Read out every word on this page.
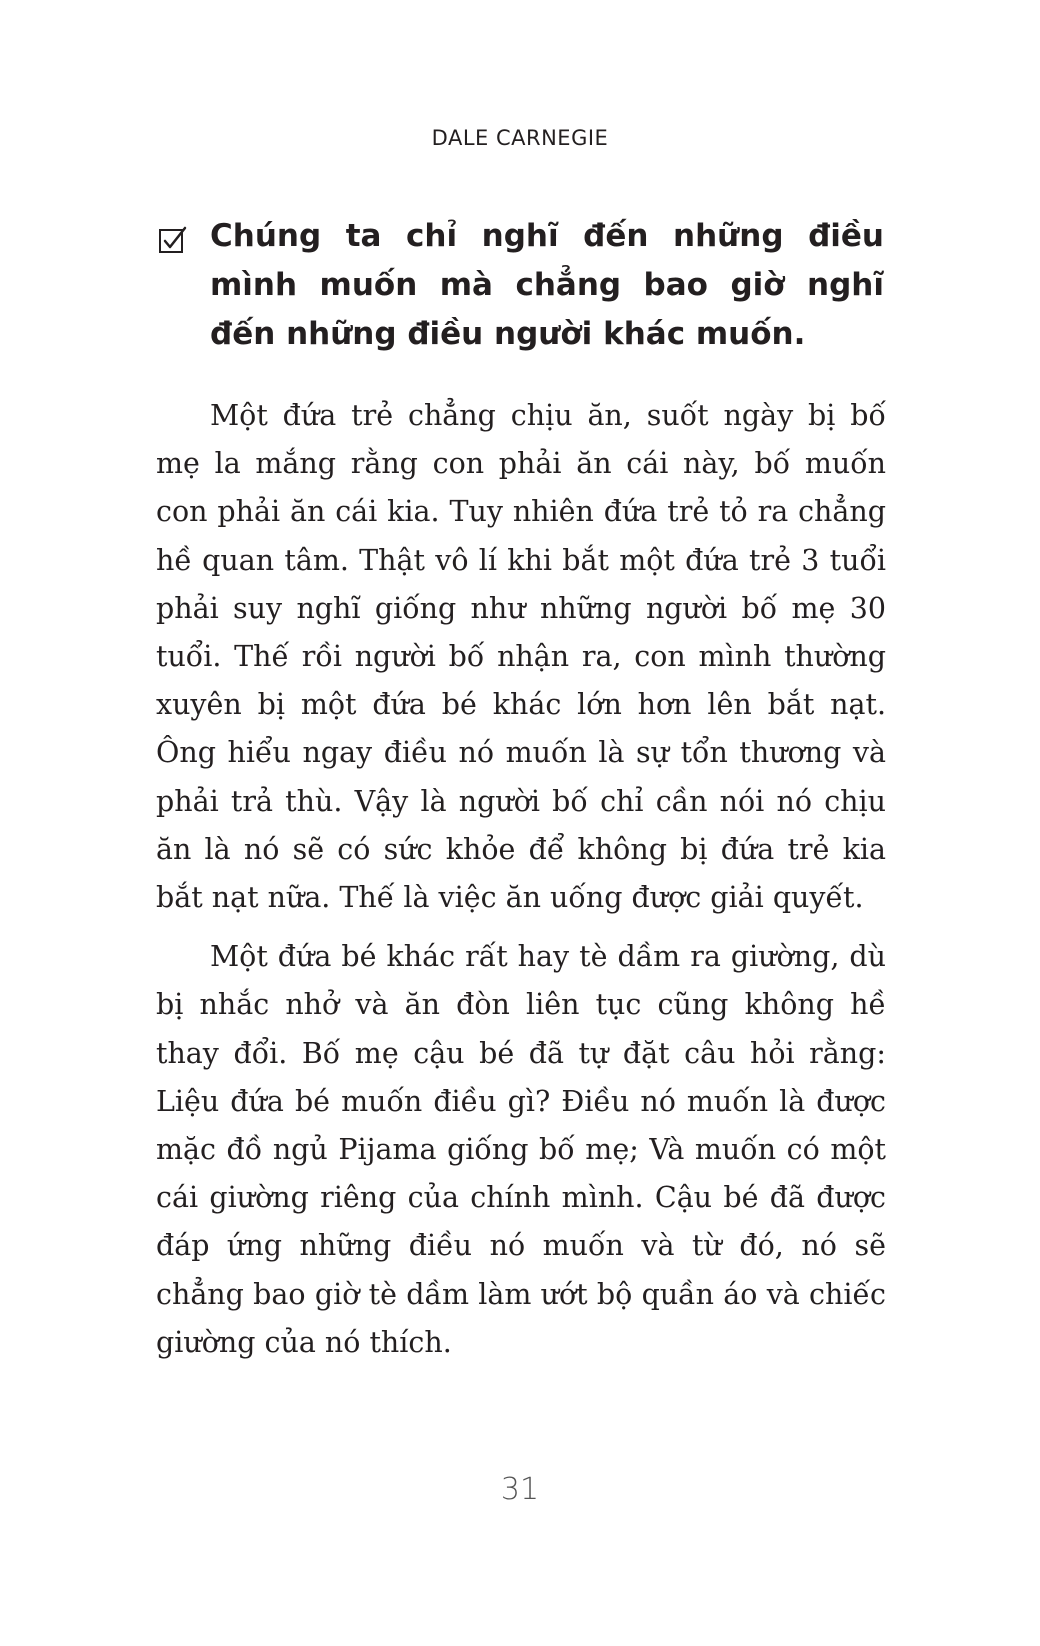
DALE CARNEGIE
Chúng ta chỉ nghĩ đến những điều mình muốn mà chẳng bao giờ nghĩ đến những điều người khác muốn.

Một đứa trẻ chẳng chịu ăn, suốt ngày bị bố mẹ la mắng rằng con phải ăn cái này, bố muốn con phải ăn cái kia. Tuy nhiên đứa trẻ tỏ ra chẳng hề quan tâm. Thật vô lí khi bắt một đứa trẻ 3 tuổi phải suy nghĩ giống như những người bố mẹ 30 tuổi. Thế rồi người bố nhận ra, con mình thường xuyên bị một đứa bé khác lớn hơn lên bắt nạt. Ông hiểu ngay điều nó muốn là sự tổn thương và phải trả thù. Vậy là người bố chỉ cần nói nó chịu ăn là nó sẽ có sức khỏe để không bị đứa trẻ kia bắt nạt nữa. Thế là việc ăn uống được giải quyết.

Một đứa bé khác rất hay tè dầm ra giường, dù bị nhắc nhở và ăn đòn liên tục cũng không hề thay đổi. Bố mẹ cậu bé đã tự đặt câu hỏi rằng: Liệu đứa bé muốn điều gì? Điều nó muốn là được mặc đồ ngủ Pijama giống bố mẹ; Và muốn có một cái giường riêng của chính mình. Cậu bé đã được đáp ứng những điều nó muốn và từ đó, nó sẽ chẳng bao giờ tè dầm làm ướt bộ quần áo và chiếc giường của nó thích.

31
